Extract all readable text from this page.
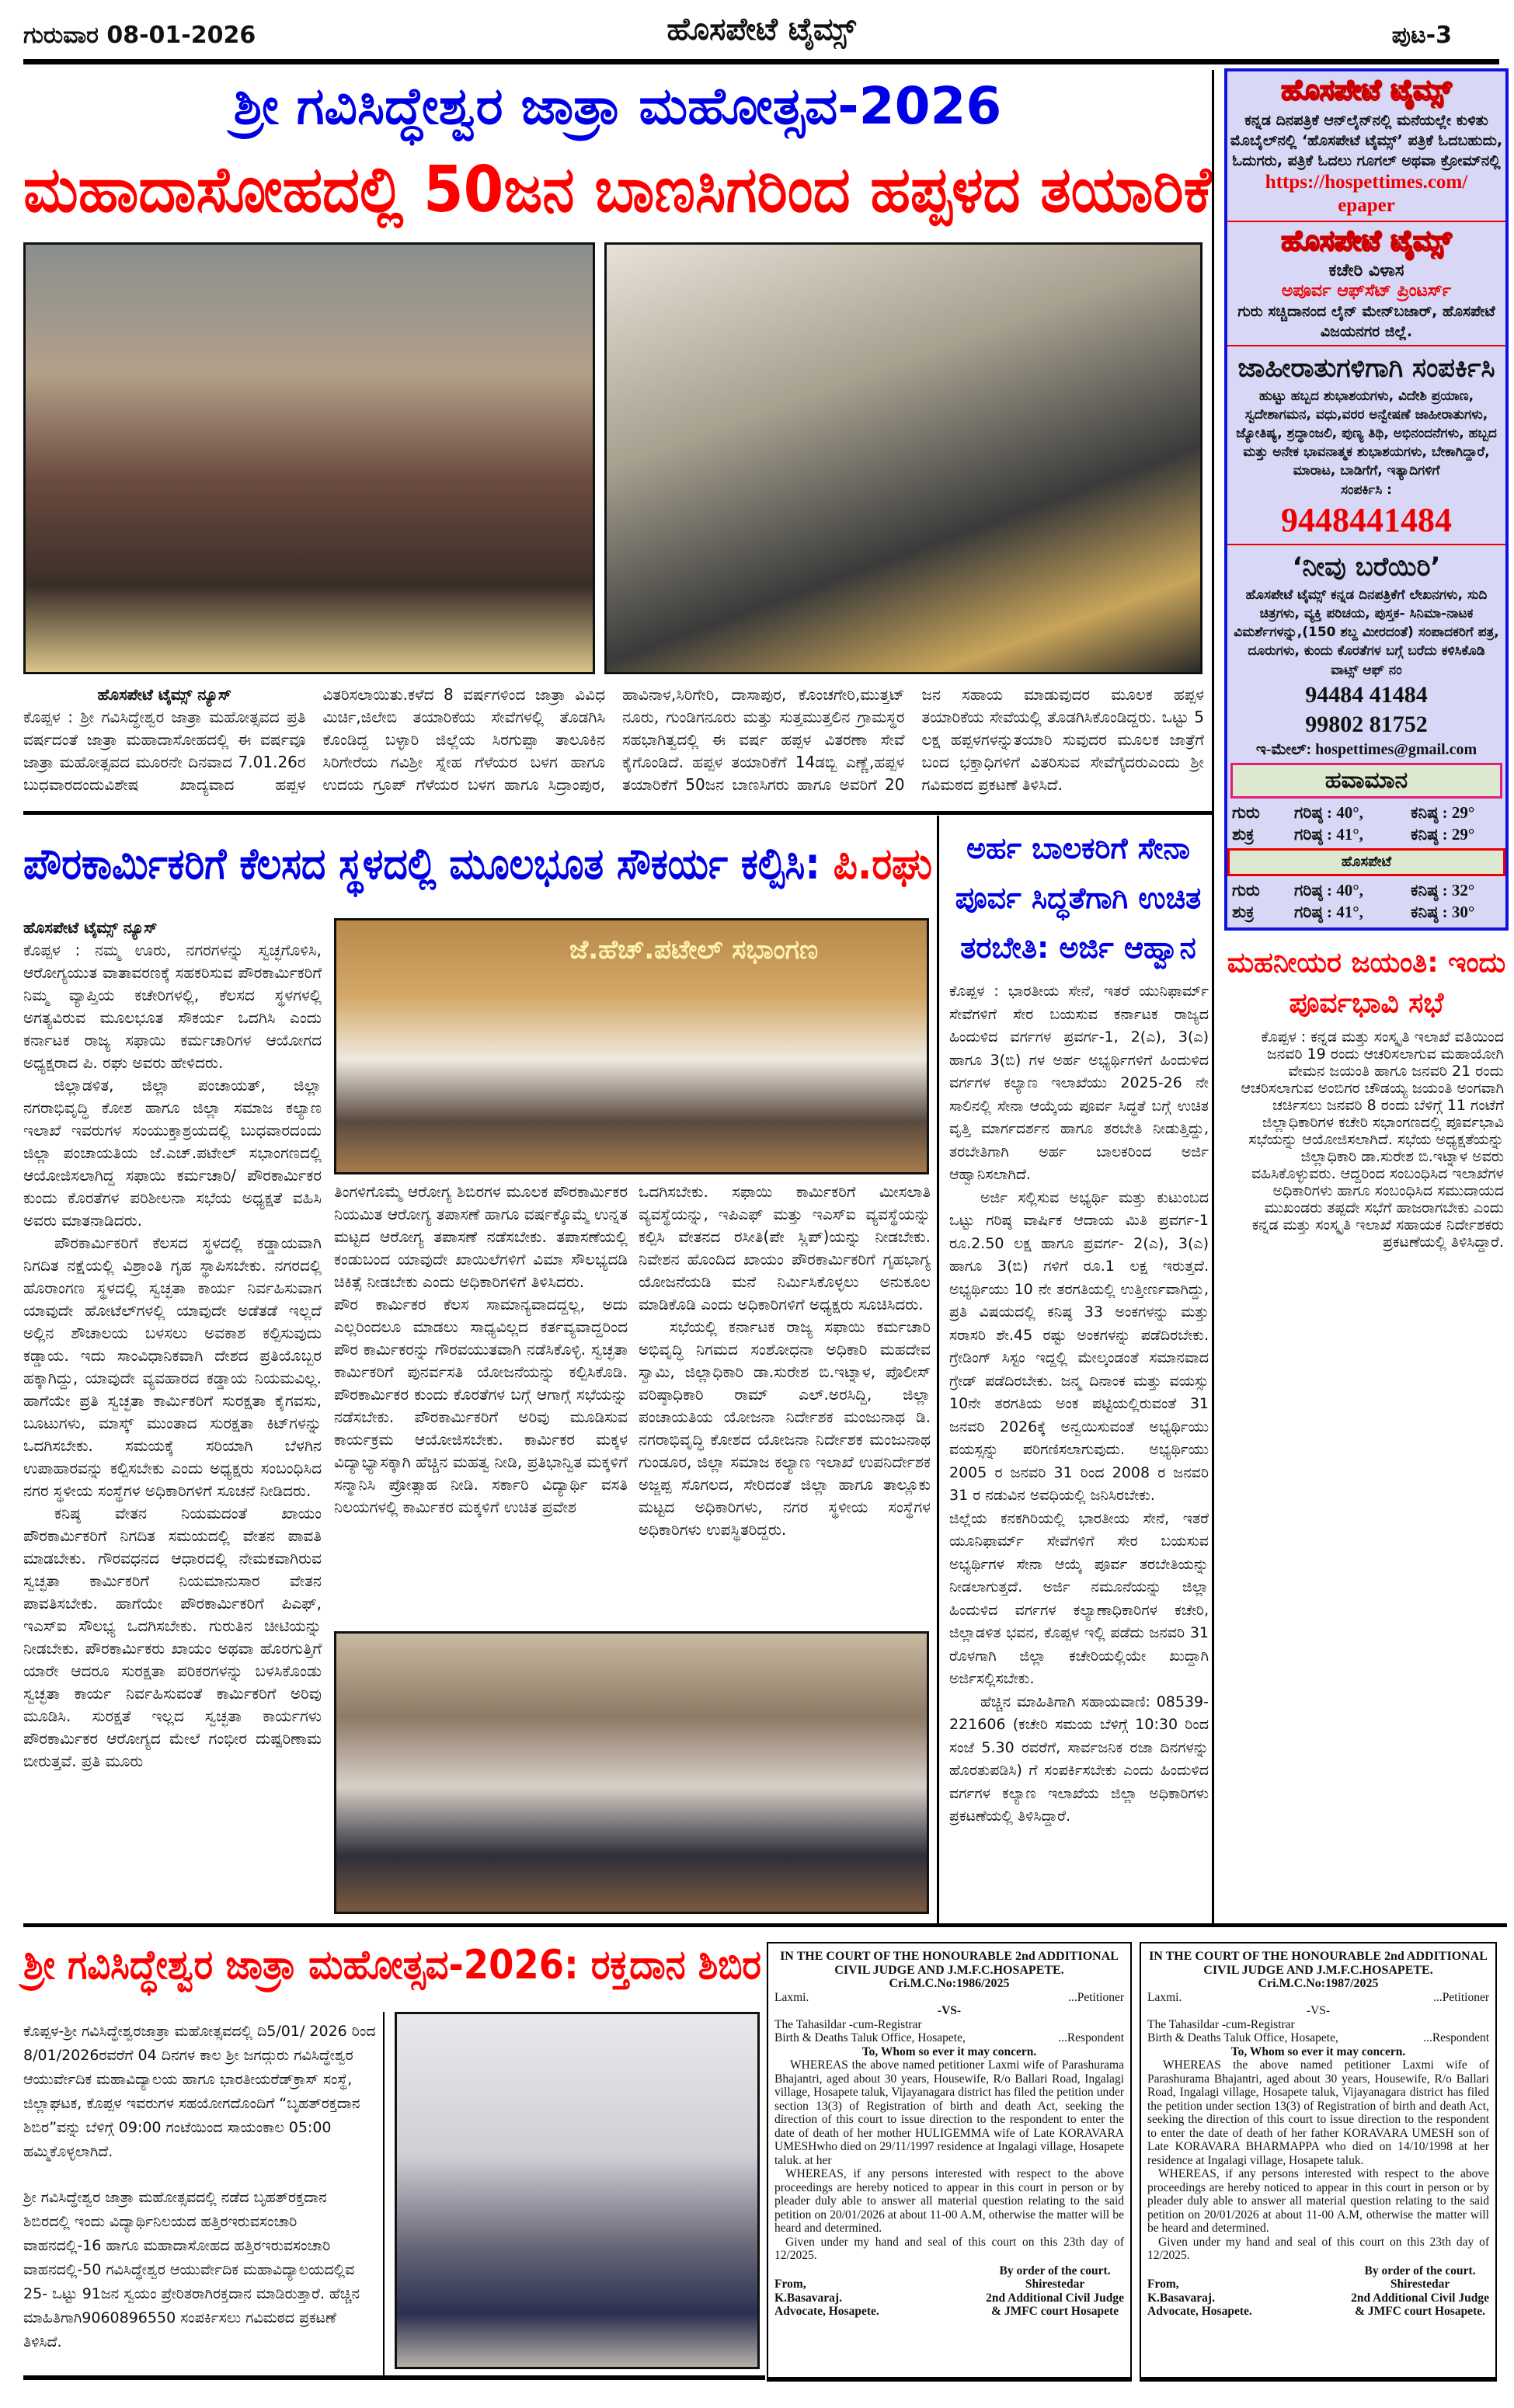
ಗುರುವಾರ 08-01-2026	ಹೊಸಪೇಟೆ ಟೈಮ್ಸ್	ಪುಟ-3
ಶ್ರೀ ಗವಿಸಿದ್ಧೇಶ್ವರ ಜಾತ್ರಾ ಮಹೋತ್ಸವ-2026
ಮಹಾದಾಸೋಹದಲ್ಲಿ 50ಜನ ಬಾಣಸಿಗರಿಂದ ಹಪ್ಪಳದ ತಯಾರಿಕೆ
ಹೊಸಪೇಟೆ ಟೈಮ್ಸ್ ನ್ಯೂಸ್
ಕೊಪ್ಪಳ : ಶ್ರೀ ಗವಿಸಿದ್ಧೇಶ್ವರ ಜಾತ್ರಾ ಮಹೋತ್ಸವದ ಪ್ರತಿ ವರ್ಷದಂತೆ ಜಾತ್ರಾ ಮಹಾದಾಸೋಹದಲ್ಲಿ ಈ ವರ್ಷವೂ ಜಾತ್ರಾ ಮಹೋತ್ಸವದ ಮೂರನೇ ದಿನವಾದ 7.01.26ರ ಬುಧವಾರದಂದುವಿಶೇಷ ಖಾದ್ಯವಾದ ಹಪ್ಪಳ ವಿತರಿಸಲಾಯಿತು.ಕಳೆದ 8 ವರ್ಷಗಳಿಂದ ಜಾತ್ರಾ ವಿವಿಧ ಮಿರ್ಚಿ,ಜಿಲೇಬಿ ತಯಾರಿಕೆಯ ಸೇವೆಗಳಲ್ಲಿ ತೊಡಗಿಸಿ ಕೊಂಡಿದ್ದ ಬಳ್ಳಾರಿ ಜಿಲ್ಲೆಯ ಸಿರಗುಪ್ಪಾ ತಾಲೂಕಿನ ಸಿರಿಗೇರೆಯ ಗವಿಶ್ರೀ ಸ್ನೇಹ ಗೆಳೆಯರ ಬಳಗ ಹಾಗೂ ಉದಯ ಗ್ರೂಪ್ ಗೆಳೆಯರ ಬಳಗ ಹಾಗೂ ಸಿದ್ರಾಂಪುರ, ಹಾವಿನಾಳ,ಸಿರಿಗೇರಿ, ದಾಸಾಪುರ, ಕೊಂಚಗೇರಿ,ಮುತ್ತಟ್ ನೂರು, ಗುಂಡಿಗನೂರು ಮತ್ತು ಸುತ್ತಮುತ್ತಲಿನ ಗ್ರಾಮಸ್ಥರ ಸಹಭಾಗಿತ್ವದಲ್ಲಿ ಈ ವರ್ಷ ಹಪ್ಪಳ ವಿತರಣಾ ಸೇವೆ ಕೈಗೊಂಡಿದೆ. ಹಪ್ಪಳ ತಯಾರಿಕೆಗೆ 14ಡಬ್ಬಿ ಎಣ್ಣೆ,ಹಪ್ಪಳ ತಯಾರಿಕೆಗೆ 50ಜನ ಬಾಣಸಿಗರು ಹಾಗೂ ಅವರಿಗೆ 20 ಜನ ಸಹಾಯ ಮಾಡುವುದರ ಮೂಲಕ ಹಪ್ಪಳ ತಯಾರಿಕೆಯ ಸೇವೆಯಲ್ಲಿ ತೊಡಗಿಸಿಕೊಂಡಿದ್ದರು. ಒಟ್ಟು 5 ಲಕ್ಷ ಹಪ್ಪಳಗಳನ್ನುತಯಾರಿ ಸುವುದರ ಮೂಲಕ ಜಾತ್ರೆಗೆ ಬಂದ ಭಕ್ತಾಧಿಗಳಿಗೆ ವಿತರಿಸುವ ಸೇವೆಗೈದರುಎಂದು ಶ್ರೀ ಗವಿಮಠದ ಪ್ರಕಟಣೆ ತಿಳಿಸಿದೆ.
ಪೌರಕಾರ್ಮಿಕರಿಗೆ ಕೆಲಸದ ಸ್ಥಳದಲ್ಲಿ ಮೂಲಭೂತ ಸೌಕರ್ಯ ಕಲ್ಪಿಸಿ: ಪಿ.ರಘು
ಹೊಸಪೇಟೆ ಟೈಮ್ಸ್ ನ್ಯೂಸ್

ಕೊಪ್ಪಳ : ನಮ್ಮ ಊರು, ನಗರಗಳನ್ನು ಸ್ವಚ್ಛಗೊಳಿಸಿ, ಆರೋಗ್ಯಯುತ ವಾತಾವರಣಕ್ಕೆ ಸಹಕರಿಸುವ ಪೌರಕಾರ್ಮಿಕರಿಗೆ ನಿಮ್ಮ ವ್ಯಾಪ್ತಿಯ ಕಚೇರಿಗಳಲ್ಲಿ, ಕೆಲಸದ ಸ್ಥಳಗಳಲ್ಲಿ ಅಗತ್ಯವಿರುವ ಮೂಲಭೂತ ಸೌಕರ್ಯ ಒದಗಿಸಿ ಎಂದು ಕರ್ನಾಟಕ ರಾಜ್ಯ ಸಫಾಯಿ ಕರ್ಮಚಾರಿಗಳ ಆಯೋಗದ ಅಧ್ಯಕ್ಷರಾದ ಪಿ. ರಘು ಅವರು ಹೇಳಿದರು.

ಜಿಲ್ಲಾಡಳಿತ, ಜಿಲ್ಲಾ ಪಂಚಾಯತ್, ಜಿಲ್ಲಾ ನಗರಾಭಿವೃದ್ಧಿ ಕೋಶ ಹಾಗೂ ಜಿಲ್ಲಾ ಸಮಾಜ ಕಲ್ಯಾಣ ಇಲಾಖೆ ಇವರುಗಳ ಸಂಯುಕ್ತಾಶ್ರಯದಲ್ಲಿ ಬುಧವಾರದಂದು ಜಿಲ್ಲಾ ಪಂಚಾಯತಿಯ ಜೆ.ಎಚ್.ಪಟೇಲ್ ಸಭಾಂಗಣದಲ್ಲಿ ಆಯೋಜಿಸಲಾಗಿದ್ದ ಸಫಾಯಿ ಕರ್ಮಚಾರಿ/ ಪೌರಕಾರ್ಮಿಕರ ಕುಂದು ಕೊರತೆಗಳ ಪರಿಶೀಲನಾ ಸಭೆಯ ಅಧ್ಯಕ್ಷತೆ ವಹಿಸಿ ಅವರು ಮಾತನಾಡಿದರು.

ಪೌರಕಾರ್ಮಿಕರಿಗೆ ಕೆಲಸದ ಸ್ಥಳದಲ್ಲಿ ಕಡ್ಡಾಯವಾಗಿ ನಿಗದಿತ ನಕ್ಷೆಯಲ್ಲಿ ವಿಶ್ರಾಂತಿ ಗೃಹ ಸ್ಥಾಪಿಸಬೇಕು. ನಗರದಲ್ಲಿ ಹೊರಾಂಗಣ ಸ್ಥಳದಲ್ಲಿ ಸ್ವಚ್ಛತಾ ಕಾರ್ಯ ನಿರ್ವಹಿಸುವಾಗ ಯಾವುದೇ ಹೋಟೆಲ್‌ಗಳಲ್ಲಿ ಯಾವುದೇ ಅಡೆತಡೆ ಇಲ್ಲದೆ ಅಲ್ಲಿನ ಶೌಚಾಲಯ ಬಳಸಲು ಅವಕಾಶ ಕಲ್ಪಿಸುವುದು ಕಡ್ಡಾಯ. ಇದು ಸಾಂವಿಧಾನಿಕವಾಗಿ ದೇಶದ ಪ್ರತಿಯೊಬ್ಬರ ಹಕ್ಕಾಗಿದ್ದು, ಯಾವುದೇ ವ್ಯವಹಾರದ ಕಡ್ಡಾಯ ನಿಯಮವಿಲ್ಲ. ಹಾಗೆಯೇ ಪ್ರತಿ ಸ್ವಚ್ಛತಾ ಕಾರ್ಮಿಕರಿಗೆ ಸುರಕ್ಷತಾ ಕೈಗವಸು, ಬೂಟುಗಳು, ಮಾಸ್ಕ್ ಮುಂತಾದ ಸುರಕ್ಷತಾ ಕಿಟ್‌ಗಳನ್ನು ಒದಗಿಸಬೇಕು. ಸಮಯಕ್ಕೆ ಸರಿಯಾಗಿ ಬೆಳಗಿನ ಉಪಾಹಾರವನ್ನು ಕಲ್ಪಿಸಬೇಕು ಎಂದು ಅಧ್ಯಕ್ಷರು ಸಂಬಂಧಿಸಿದ ನಗರ ಸ್ಥಳೀಯ ಸಂಸ್ಥೆಗಳ ಅಧಿಕಾರಿಗಳಿಗೆ ಸೂಚನೆ ನೀಡಿದರು.

ಕನಿಷ್ಠ ವೇತನ ನಿಯಮದಂತೆ ಖಾಯಂ ಪೌರಕಾರ್ಮಿಕರಿಗೆ ನಿಗದಿತ ಸಮಯದಲ್ಲಿ ವೇತನ ಪಾವತಿ ಮಾಡಬೇಕು. ಗೌರವಧನದ ಆಧಾರದಲ್ಲಿ ನೇಮಕವಾಗಿರುವ ಸ್ವಚ್ಛತಾ ಕಾರ್ಮಿಕರಿಗೆ ನಿಯಮಾನುಸಾರ ವೇತನ ಪಾವತಿಸಬೇಕು. ಹಾಗೆಯೇ ಪೌರಕಾರ್ಮಿಕರಿಗೆ ಪಿಎಫ್, ಇಎಸ್‌ಐ ಸೌಲಭ್ಯ ಒದಗಿಸಬೇಕು. ಗುರುತಿನ ಚೀಟಿಯನ್ನು ನೀಡಬೇಕು. ಪೌರಕಾರ್ಮಿಕರು ಖಾಯಂ ಅಥವಾ ಹೊರಗುತ್ತಿಗೆ ಯಾರೇ ಆದರೂ ಸುರಕ್ಷತಾ ಪರಿಕರಗಳನ್ನು ಬಳಸಿಕೊಂಡು ಸ್ವಚ್ಛತಾ ಕಾರ್ಯ ನಿರ್ವಹಿಸುವಂತೆ ಕಾರ್ಮಿಕರಿಗೆ ಅರಿವು ಮೂಡಿಸಿ. ಸುರಕ್ಷತೆ ಇಲ್ಲದ ಸ್ವಚ್ಛತಾ ಕಾರ್ಯಗಳು ಪೌರಕಾರ್ಮಿಕರ ಆರೋಗ್ಯದ ಮೇಲೆ ಗಂಭೀರ ದುಷ್ಪರಿಣಾಮ ಬೀರುತ್ತವೆ. ಪ್ರತಿ ಮೂರು

ಜೆ.ಹೆಚ್.ಪಟೇಲ್ ಸಭಾಂಗಣ

ತಿಂಗಳಿಗೊಮ್ಮೆ ಆರೋಗ್ಯ ಶಿಬಿರಗಳ ಮೂಲಕ ಪೌರಕಾರ್ಮಿಕರ ನಿಯಮಿತ ಆರೋಗ್ಯ ತಪಾಸಣೆ ಹಾಗೂ ವರ್ಷಕ್ಕೊಮ್ಮೆ ಉನ್ನತ ಮಟ್ಟದ ಆರೋಗ್ಯ ತಪಾಸಣೆ ನಡೆಸಬೇಕು. ತಪಾಸಣೆಯಲ್ಲಿ ಕಂಡುಬಂದ ಯಾವುದೇ ಖಾಯಿಲೆಗಳಿಗೆ ವಿಮಾ ಸೌಲಭ್ಯದಡಿ ಚಿಕಿತ್ಸೆ ನೀಡಬೇಕು ಎಂದು ಅಧಿಕಾರಿಗಳಿಗೆ ತಿಳಿಸಿದರು.

ಪೌರ ಕಾರ್ಮಿಕರ ಕೆಲಸ ಸಾಮಾನ್ಯವಾದದ್ದಲ್ಲ, ಅದು ಎಲ್ಲರಿಂದಲೂ ಮಾಡಲು ಸಾಧ್ಯವಿಲ್ಲದ ಕರ್ತವ್ಯವಾದ್ದರಿಂದ ಪೌರ ಕಾರ್ಮಿಕರನ್ನು ಗೌರವಯುತವಾಗಿ ನಡೆಸಿಕೊಳ್ಳಿ. ಸ್ವಚ್ಛತಾ ಕಾರ್ಮಿಕರಿಗೆ ಪುನರ್ವಸತಿ ಯೋಜನೆಯನ್ನು ಕಲ್ಪಿಸಿಕೊಡಿ. ಪೌರಕಾರ್ಮಿಕರ ಕುಂದು ಕೊರತೆಗಳ ಬಗ್ಗೆ ಆಗಾಗ್ಗೆ ಸಭೆಯನ್ನು ನಡೆಸಬೇಕು. ಪೌರಕಾರ್ಮಿಕರಿಗೆ ಅರಿವು ಮೂಡಿಸುವ ಕಾರ್ಯಕ್ರಮ ಆಯೋಜಿಸಬೇಕು. ಕಾರ್ಮಿಕರ ಮಕ್ಕಳ ವಿದ್ಯಾಭ್ಯಾಸಕ್ಕಾಗಿ ಹೆಚ್ಚಿನ ಮಹತ್ವ ನೀಡಿ, ಪ್ರತಿಭಾನ್ವಿತ ಮಕ್ಕಳಿಗೆ ಸನ್ಮಾನಿಸಿ ಪ್ರೋತ್ಸಾಹ ನೀಡಿ. ಸರ್ಕಾರಿ ವಿದ್ಯಾರ್ಥಿ ವಸತಿ ನಿಲಯಗಳಲ್ಲಿ ಕಾರ್ಮಿಕರ ಮಕ್ಕಳಿಗೆ ಉಚಿತ ಪ್ರವೇಶ

ಒದಗಿಸಬೇಕು. ಸಫಾಯಿ ಕಾರ್ಮಿಕರಿಗೆ ಮೀಸಲಾತಿ ವ್ಯವಸ್ಥೆಯನ್ನು, ಇಪಿಎಫ್ ಮತ್ತು ಇಎಸ್‌ಐ ವ್ಯವಸ್ಥೆಯನ್ನು ಕಲ್ಪಿಸಿ ವೇತನದ ರಸೀತಿ(ಪೇ ಸ್ಲಿಪ್)ಯನ್ನು ನೀಡಬೇಕು. ನಿವೇಶನ ಹೊಂದಿದ ಖಾಯಂ ಪೌರಕಾರ್ಮಿಕರಿಗೆ ಗೃಹಭಾಗ್ಯ ಯೋಜನೆಯಡಿ ಮನೆ ನಿರ್ಮಿಸಿಕೊಳ್ಳಲು ಅನುಕೂಲ ಮಾಡಿಕೊಡಿ ಎಂದು ಅಧಿಕಾರಿಗಳಿಗೆ ಅಧ್ಯಕ್ಷರು ಸೂಚಿಸಿದರು.

ಸಭೆಯಲ್ಲಿ ಕರ್ನಾಟಕ ರಾಜ್ಯ ಸಫಾಯಿ ಕರ್ಮಚಾರಿ ಅಭಿವೃದ್ಧಿ ನಿಗಮದ ಸಂಶೋಧನಾ ಅಧಿಕಾರಿ ಮಹದೇವ ಸ್ವಾಮಿ, ಜಿಲ್ಲಾಧಿಕಾರಿ ಡಾ.ಸುರೇಶ ಬಿ.ಇಟ್ನಾಳ, ಪೊಲೀಸ್ ವರಿಷ್ಠಾಧಿಕಾರಿ ರಾಮ್ ಎಲ್.ಅರಸಿದ್ದಿ, ಜಿಲ್ಲಾ ಪಂಚಾಯತಿಯ ಯೋಜನಾ ನಿರ್ದೇಶಕ ಮಂಜುನಾಥ ಡಿ. ನಗರಾಭಿವೃದ್ಧಿ ಕೋಶದ ಯೋಜನಾ ನಿರ್ದೇಶಕ ಮಂಜುನಾಥ ಗುಂಡೂರ, ಜಿಲ್ಲಾ ಸಮಾಜ ಕಲ್ಯಾಣ ಇಲಾಖೆ ಉಪನಿರ್ದೇಶಕ ಅಜ್ಜಪ್ಪ ಸೊಗಲದ, ಸೇರಿದಂತೆ ಜಿಲ್ಲಾ ಹಾಗೂ ತಾಲ್ಲೂಕು ಮಟ್ಟದ ಅಧಿಕಾರಿಗಳು, ನಗರ ಸ್ಥಳೀಯ ಸಂಸ್ಥೆಗಳ ಅಧಿಕಾರಿಗಳು ಉಪಸ್ಥಿತರಿದ್ದರು.

ಅರ್ಹ ಬಾಲಕರಿಗೆ ಸೇನಾ ಪೂರ್ವ ಸಿದ್ಧತೆಗಾಗಿ ಉಚಿತ ತರಬೇತಿ: ಅರ್ಜಿ ಆಹ್ವಾನ

ಕೊಪ್ಪಳ : ಭಾರತೀಯ ಸೇನೆ, ಇತರೆ ಯುನಿಫಾರ್ಮ್ ಸೇವೆಗಳಿಗೆ ಸೇರ ಬಯಸುವ ಕರ್ನಾಟಕ ರಾಜ್ಯದ ಹಿಂದುಳಿದ ವರ್ಗಗಳ ಪ್ರವರ್ಗ-1, 2(ಎ), 3(ಎ) ಹಾಗೂ 3(ಬಿ) ಗಳ ಅರ್ಹ ಅಭ್ಯರ್ಥಿಗಳಿಗೆ ಹಿಂದುಳಿದ ವರ್ಗಗಳ ಕಲ್ಯಾಣ ಇಲಾಖೆಯು 2025-26 ನೇ ಸಾಲಿನಲ್ಲಿ ಸೇನಾ ಆಯ್ಕೆಯ ಪೂರ್ವ ಸಿದ್ಧತೆ ಬಗ್ಗೆ ಉಚಿತ ವೃತ್ತಿ ಮಾರ್ಗದರ್ಶನ ಹಾಗೂ ತರಬೇತಿ ನೀಡುತ್ತಿದ್ದು, ತರಬೇತಿಗಾಗಿ ಅರ್ಹ ಬಾಲಕರಿಂದ ಅರ್ಜಿ ಆಹ್ವಾನಿಸಲಾಗಿದೆ.

ಅರ್ಜಿ ಸಲ್ಲಿಸುವ ಅಭ್ಯರ್ಥಿ ಮತ್ತು ಕುಟುಂಬದ ಒಟ್ಟು ಗರಿಷ್ಠ ವಾರ್ಷಿಕ ಆದಾಯ ಮಿತಿ ಪ್ರವರ್ಗ-1 ರೂ.2.50 ಲಕ್ಷ ಹಾಗೂ ಪ್ರವರ್ಗ- 2(ಎ), 3(ಎ) ಹಾಗೂ 3(ಬಿ) ಗಳಿಗೆ ರೂ.1 ಲಕ್ಷ ಇರುತ್ತದೆ. ಅಭ್ಯರ್ಥಿಯು 10 ನೇ ತರಗತಿಯಲ್ಲಿ ಉತ್ತೀರ್ಣವಾಗಿದ್ದು, ಪ್ರತಿ ವಿಷಯದಲ್ಲಿ ಕನಿಷ್ಠ 33 ಅಂಕಗಳನ್ನು ಮತ್ತು ಸರಾಸರಿ ಶೇ.45 ರಷ್ಟು ಅಂಕಗಳನ್ನು ಪಡೆದಿರಬೇಕು. ಗ್ರೇಡಿಂಗ್ ಸಿಸ್ಟಂ ಇದ್ದಲ್ಲಿ ಮೇಲ್ಕಂಡಂತೆ ಸಮಾನವಾದ ಗ್ರೇಡ್ ಪಡೆದಿರಬೇಕು. ಜನ್ಮ ದಿನಾಂಕ ಮತ್ತು ವಯಸ್ಸು 10ನೇ ತರಗತಿಯ ಅಂಕ ಪಟ್ಟಿಯಲ್ಲಿರುವಂತೆ 31 ಜನವರಿ 2026ಕ್ಕೆ ಅನ್ವಯಿಸುವಂತೆ ಅಭ್ಯರ್ಥಿಯು ವಯಸ್ಸನ್ನು ಪರಿಗಣಿಸಲಾಗುವುದು. ಅಭ್ಯರ್ಥಿಯು 2005 ರ ಜನವರಿ 31 ರಿಂದ 2008 ರ ಜನವರಿ 31 ರ ನಡುವಿನ ಅವಧಿಯಲ್ಲಿ ಜನಿಸಿರಬೇಕು.

ಜಿಲ್ಲೆಯ ಕನಕಗಿರಿಯಲ್ಲಿ ಭಾರತೀಯ ಸೇನೆ, ಇತರೆ ಯೂನಿಫಾರ್ಮ್ ಸೇವೆಗಳಿಗೆ ಸೇರ ಬಯಸುವ ಅಭ್ಯರ್ಥಿಗಳ ಸೇನಾ ಆಯ್ಕೆ ಪೂರ್ವ ತರಬೇತಿಯನ್ನು ನೀಡಲಾಗುತ್ತದೆ. ಅರ್ಜಿ ನಮೂನೆಯನ್ನು ಜಿಲ್ಲಾ ಹಿಂದುಳಿದ ವರ್ಗಗಳ ಕಲ್ಯಾಣಾಧಿಕಾರಿಗಳ ಕಚೇರಿ, ಜಿಲ್ಲಾಡಳಿತ ಭವನ, ಕೊಪ್ಪಳ ಇಲ್ಲಿ ಪಡೆದು ಜನವರಿ 31 ರೊಳಗಾಗಿ ಜಿಲ್ಲಾ ಕಚೇರಿಯಲ್ಲಿಯೇ ಖುದ್ದಾಗಿ ಅರ್ಜಿಸಲ್ಲಿಸಬೇಕು.

ಹೆಚ್ಚಿನ ಮಾಹಿತಿಗಾಗಿ ಸಹಾಯವಾಣಿ: 08539-221606 (ಕಚೇರಿ ಸಮಯ ಬೆಳಿಗ್ಗೆ 10:30 ರಿಂದ ಸಂಜೆ 5.30 ರವರೆಗೆ, ಸಾರ್ವಜನಿಕ ರಜಾ ದಿನಗಳನ್ನು ಹೊರತುಪಡಿಸಿ) ಗೆ ಸಂಪರ್ಕಿಸಬೇಕು ಎಂದು ಹಿಂದುಳಿದ ವರ್ಗಗಳ ಕಲ್ಯಾಣ ಇಲಾಖೆಯ ಜಿಲ್ಲಾ ಅಧಿಕಾರಿಗಳು ಪ್ರಕಟಣೆಯಲ್ಲಿ ತಿಳಿಸಿದ್ದಾರೆ.

ಹೊಸಪೇಟೆ ಟೈಮ್ಸ್
ಕನ್ನಡ ದಿನಪತ್ರಿಕೆ ಆನ್‌ಲೈನ್‌ನಲ್ಲಿ ಮನೆಯಲ್ಲೇ ಕುಳಿತು ಮೊಬೈಲ್‌ನಲ್ಲಿ ‘ಹೊಸಪೇಟೆ ಟೈಮ್ಸ್’ ಪತ್ರಿಕೆ ಓದಬಹುದು, ಓದುಗರು, ಪತ್ರಿಕೆ ಓದಲು ಗೂಗಲ್ ಅಥವಾ ಕ್ರೋಮ್‌ನಲ್ಲಿ
https://hospettimes.com/
epaper
ಹೊಸಪೇಟೆ ಟೈಮ್ಸ್
ಕಚೇರಿ ವಿಳಾಸ
ಅಪೂರ್ವ ಆಫ್‌ಸೆಟ್ ಪ್ರಿಂಟರ್ಸ್
ಗುರು ಸಚ್ಚಿದಾನಂದ ಲೈನ್ ಮೇನ್‌ಬಜಾರ್, ಹೊಸಪೇಟೆ ವಿಜಯನಗರ ಜಿಲ್ಲೆ.
ಜಾಹೀರಾತುಗಳಿಗಾಗಿ ಸಂಪರ್ಕಿಸಿ
ಹುಟ್ಟು ಹಬ್ಬದ ಶುಭಾಶಯಗಳು, ವಿದೇಶಿ ಪ್ರಯಾಣ, ಸ್ವದೇಶಾಗಮನ, ವಧು,ವರರ ಅನ್ವೇಷಣೆ ಜಾಹೀರಾತುಗಳು, ಜ್ಯೋತಿಷ್ಯ, ಶ್ರದ್ಧಾಂಜಲಿ, ಪುಣ್ಯ ತಿಥಿ, ಅಭಿನಂದನೆಗಳು, ಹಬ್ಬದ ಮತ್ತು ಅನೇಕ ಭಾವನಾತ್ಮಕ ಶುಭಾಶಯಗಳು, ಬೇಕಾಗಿದ್ದಾರೆ, ಮಾರಾಟ, ಬಾಡಿಗೆಗೆ, ಇತ್ಯಾದಿಗಳಿಗೆ
ಸಂಪರ್ಕಿಸಿ :
9448441484
‘ನೀವು ಬರೆಯಿರಿ’
ಹೊಸಪೇಟೆ ಟೈಮ್ಸ್ ಕನ್ನಡ ದಿನಪತ್ರಿಕೆಗೆ ಲೇಖನಗಳು, ಸುದಿ ಚಿತ್ರಗಳು, ವ್ಯಕ್ತಿ ಪರಿಚಯ, ಪುಸ್ತಕ- ಸಿನಿಮಾ-ನಾಟಕ ವಿಮರ್ಶೆಗಳನ್ನು,(150 ಶಬ್ದ ಮೀರದಂತೆ) ಸಂಪಾದಕರಿಗೆ ಪತ್ರ, ದೂರುಗಳು, ಕುಂದು ಕೊರತೆಗಳ ಬಗ್ಗೆ ಬರೆದು ಕಳಿಸಿಕೊಡಿ
ವಾಟ್ಸ್ ಆಫ್ ನಂ
94484 41484
99802 81752
ಇ-ಮೇಲ್: hospettimes@gmail.com
ಹವಾಮಾನ
ಗುರು	ಗರಿಷ್ಠ : 40°,	ಕನಿಷ್ಠ : 29°
ಶುಕ್ರ	ಗರಿಷ್ಠ : 41°,	ಕನಿಷ್ಠ : 29°
ಹೊಸಪೇಟೆ
ಗುರು	ಗರಿಷ್ಠ : 40°,	ಕನಿಷ್ಠ : 32°
ಶುಕ್ರ	ಗರಿಷ್ಠ : 41°,	ಕನಿಷ್ಠ : 30°
ಮಹನೀಯರ ಜಯಂತಿ: ಇಂದು ಪೂರ್ವಭಾವಿ ಸಭೆ
ಕೊಪ್ಪಳ : ಕನ್ನಡ ಮತ್ತು ಸಂಸ್ಕೃತಿ ಇಲಾಖೆ ವತಿಯಿಂದ ಜನವರಿ 19 ರಂದು ಆಚರಿಸಲಾಗುವ ಮಹಾಯೋಗಿ ವೇಮನ ಜಯಂತಿ ಹಾಗೂ ಜನವರಿ 21 ರಂದು ಆಚರಿಸಲಾಗುವ ಅಂಬಿಗರ ಚೌಡಯ್ಯ ಜಯಂತಿ ಅಂಗವಾಗಿ ಚರ್ಚಿಸಲು ಜನವರಿ 8 ರಂದು ಬೆಳಿಗ್ಗೆ 11 ಗಂಟೆಗೆ ಜಿಲ್ಲಾಧಿಕಾರಿಗಳ ಕಚೇರಿ ಸಭಾಂಗಣದಲ್ಲಿ ಪೂರ್ವಭಾವಿ ಸಭೆಯನ್ನು ಆಯೋಜಿಸಲಾಗಿದೆ. ಸಭೆಯ ಅಧ್ಯಕ್ಷತೆಯನ್ನು ಜಿಲ್ಲಾಧಿಕಾರಿ ಡಾ.ಸುರೇಶ ಬಿ.ಇಟ್ನಾಳ ಅವರು ವಹಿಸಿಕೊಳ್ಳುವರು. ಆದ್ದರಿಂದ ಸಂಬಂಧಿಸಿದ ಇಲಾಖೆಗಳ ಅಧಿಕಾರಿಗಳು ಹಾಗೂ ಸಂಬಂಧಿಸಿದ ಸಮುದಾಯದ ಮುಖಂಡರು ತಪ್ಪದೇ ಸಭೆಗೆ ಹಾಜರಾಗಬೇಕು ಎಂದು ಕನ್ನಡ ಮತ್ತು ಸಂಸ್ಕೃತಿ ಇಲಾಖೆ ಸಹಾಯಕ ನಿರ್ದೇಶಕರು ಪ್ರಕಟಣೆಯಲ್ಲಿ ತಿಳಿಸಿದ್ದಾರೆ.
ಶ್ರೀ ಗವಿಸಿದ್ಧೇಶ್ವರ ಜಾತ್ರಾ ಮಹೋತ್ಸವ-2026: ರಕ್ತದಾನ ಶಿಬಿರ

ಕೊಪ್ಪಳ-ಶ್ರೀ ಗವಿಸಿದ್ಧೇಶ್ವರಜಾತ್ರಾ ಮಹೋತ್ಸವದಲ್ಲಿ ದಿ5/01/ 2026 ರಿಂದ 8/01/2026ರವರೆಗೆ 04 ದಿನಗಳ ಕಾಲ ಶ್ರೀ ಜಗದ್ಗುರು ಗವಿಸಿದ್ಧೇಶ್ವರ ಆಯುರ್ವೇದಿಕ ಮಹಾವಿದ್ಯಾಲಯ ಹಾಗೂ ಭಾರತೀಯರೆಡ್‌ಕ್ರಾಸ್ ಸಂಸ್ಥೆ, ಜಿಲ್ಲಾಘಟಕ, ಕೊಪ್ಪಳ ಇವರುಗಳ ಸಹಯೋಗದೊಂದಿಗೆ “ಬೃಹತ್‌ರಕ್ತದಾನ ಶಿಬಿರ”ವನ್ನು ಬೆಳಿಗ್ಗೆ 09:00 ಗಂಟೆಯಿಂದ ಸಾಯಂಕಾಲ 05:00 ಹಮ್ಮಿಕೊಳ್ಳಲಾಗಿದೆ.

ಶ್ರೀ ಗವಿಸಿದ್ಧೇಶ್ವರ ಜಾತ್ರಾ ಮಹೋತ್ಸವದಲ್ಲಿ ನಡೆದ ಬೃಹತ್‌ರಕ್ತದಾನ ಶಿಬಿರದಲ್ಲಿ ಇಂದು ವಿದ್ಯಾರ್ಥಿನಿಲಯದ ಹತ್ತಿರಇರುವಸಂಚಾರಿ ವಾಹನದಲ್ಲಿ-16 ಹಾಗೂ ಮಹಾದಾಸೋಹದ ಹತ್ತಿರಇರುವಸಂಚಾರಿ ವಾಹನದಲ್ಲಿ-50 ಗವಿಸಿದ್ಧೇಶ್ವರ ಆಯುರ್ವೇದಿಕ ಮಹಾವಿದ್ಯಾಲಯದಲ್ಲಿವ 25- ಒಟ್ಟು 91ಜನ ಸ್ವಯಂ ಪ್ರೇರಿತರಾಗಿರಕ್ತದಾನ ಮಾಡಿರುತ್ತಾರೆ. ಹೆಚ್ಚಿನ ಮಾಹಿತಿಗಾಗಿ9060896550 ಸಂಪರ್ಕಿಸಲು ಗವಿಮಠದ ಪ್ರಕಟಣೆ ತಿಳಿಸಿದೆ.

IN THE COURT OF THE HONOURABLE 2nd ADDITIONAL CIVIL JUDGE AND J.M.F.C.HOSAPETE.
Cri.M.C.No:1986/2025
Laxmi.	...Petitioner
-VS-
The Tahasildar -cum-Registrar
Birth & Deaths Taluk Office, Hosapete,	...Respondent
To, Whom so ever it may concern.

WHEREAS the above named petitioner Laxmi wife of Parashurama Bhajantri, aged about 30 years, Housewife, R/o Ballari Road, Ingalagi village, Hosapete taluk, Vijayanagara district has filed the petition under section 13(3) of Registration of birth and death Act, seeking the direction of this court to issue direction to the respondent to enter the date of death of her mother HULIGEMMA wife of Late KORAVARA UMESHwho died on 29/11/1997 residence at Ingalagi village, Hosapete taluk. at her

WHEREAS, if any persons interested with respect to the above proceedings are hereby noticed to appear in this court in person or by pleader duly able to answer all material question relating to the said petition on 20/01/2026 at about 11-00 A.M, otherwise the matter will be heard and determined.

Given under my hand and seal of this court on this 23th day of 12/2025.

From,
K.Basavaraj.
Advocate, Hosapete.
By order of the court.
Shirestedar
2nd Additional Civil Judge
& JMFC court Hosapete
IN THE COURT OF THE HONOURABLE 2nd ADDITIONAL CIVIL JUDGE AND J.M.F.C.HOSAPETE.
Cri.M.C.No:1987/2025
Laxmi.	...Petitioner
-VS-
The Tahasildar -cum-Registrar
Birth & Deaths Taluk Office, Hosapete,	...Respondent
To, Whom so ever it may concern.

WHEREAS the above named petitioner Laxmi wife of Parashurama Bhajantri, aged about 30 years, Housewife, R/o Ballari Road, Ingalagi village, Hosapete taluk, Vijayanagara district has filed the petition under section 13(3) of Registration of birth and death Act, seeking the direction of this court to issue direction to the respondent to enter the date of death of her father KORAVARA UMESH son of Late KORAVARA BHARMAPPA who died on 14/10/1998 at her residence at Ingalagi village, Hosapete taluk.

WHEREAS, if any persons interested with respect to the above proceedings are hereby noticed to appear in this court in person or by pleader duly able to answer all material question relating to the said petition on 20/01/2026 at about 11-00 A.M, otherwise the matter will be heard and determined.

Given under my hand and seal of this court on this 23th day of 12/2025.

From,
K.Basavaraj.
Advocate, Hosapete.
By order of the court.
Shirestedar
2nd Additional Civil Judge
& JMFC court Hosapete.
